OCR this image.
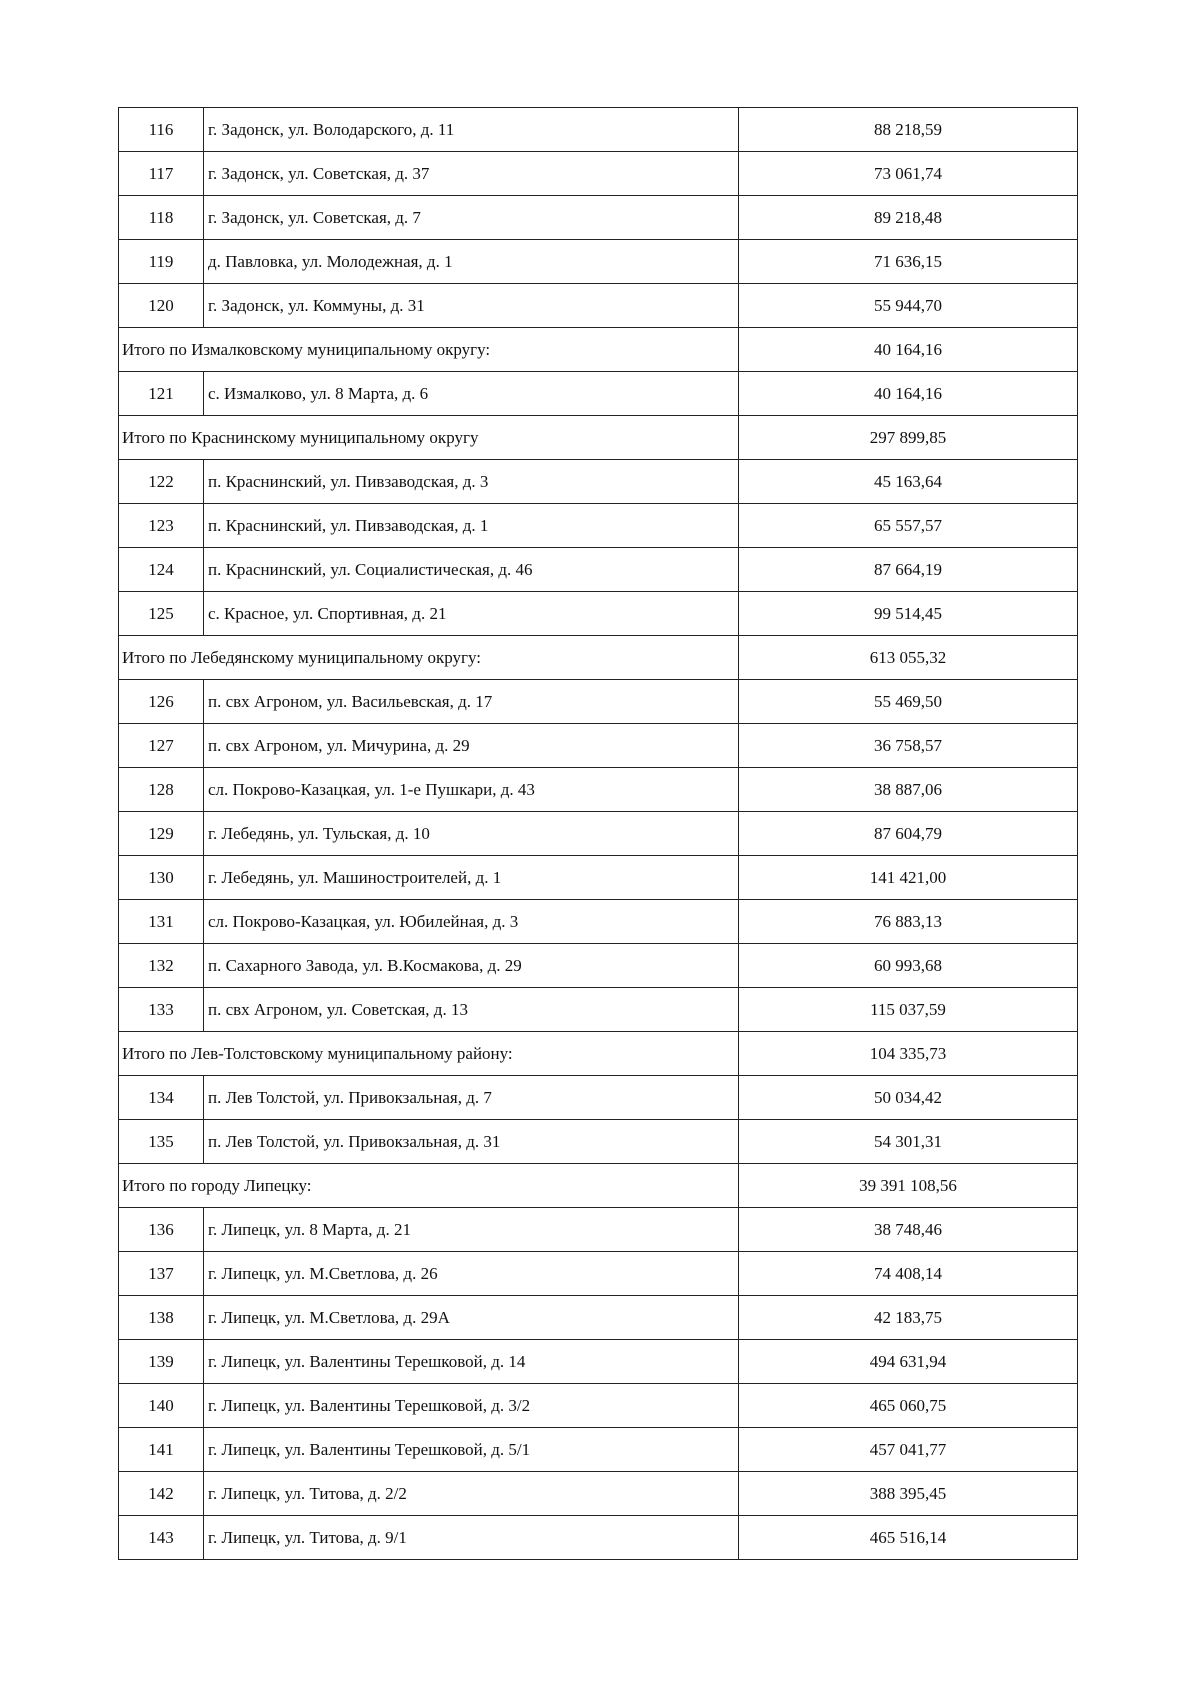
116	г. Задонск, ул. Володарского, д. 11	88 218,59
117	г. Задонск, ул. Советская, д. 37	73 061,74
118	г. Задонск, ул. Советская, д. 7	89 218,48
119	д. Павловка, ул. Молодежная, д. 1	71 636,15
120	г. Задонск, ул. Коммуны, д. 31	55 944,70
Итого по Измалковскому муниципальному округу:		40 164,16
121	с. Измалково, ул. 8 Марта, д. 6	40 164,16
Итого по Краснинскому муниципальному округу		297 899,85
122	п. Краснинский, ул. Пивзаводская, д. 3	45 163,64
123	п. Краснинский, ул. Пивзаводская, д. 1	65 557,57
124	п. Краснинский, ул. Социалистическая, д. 46	87 664,19
125	с. Красное, ул. Спортивная, д. 21	99 514,45
Итого по Лебедянскому муниципальному округу:		613 055,32
126	п. свх Агроном, ул. Васильевская, д. 17	55 469,50
127	п. свх Агроном, ул. Мичурина, д. 29	36 758,57
128	сл. Покрово-Казацкая, ул. 1-е Пушкари, д. 43	38 887,06
129	г. Лебедянь, ул. Тульская, д. 10	87 604,79
130	г. Лебедянь, ул. Машиностроителей, д. 1	141 421,00
131	сл. Покрово-Казацкая, ул. Юбилейная, д. 3	76 883,13
132	п. Сахарного Завода, ул. В.Космакова, д. 29	60 993,68
133	п. свх Агроном, ул. Советская, д. 13	115 037,59
Итого по Лев-Толстовскому муниципальному району:		104 335,73
134	п. Лев Толстой, ул. Привокзальная, д. 7	50 034,42
135	п. Лев Толстой, ул. Привокзальная, д. 31	54 301,31
Итого по городу Липецку:		39 391 108,56
136	г. Липецк, ул. 8 Марта, д. 21	38 748,46
137	г. Липецк, ул. М.Светлова, д. 26	74 408,14
138	г. Липецк, ул. М.Светлова, д. 29А	42 183,75
139	г. Липецк, ул. Валентины Терешковой, д. 14	494 631,94
140	г. Липецк, ул. Валентины Терешковой, д. 3/2	465 060,75
141	г. Липецк, ул. Валентины Терешковой, д. 5/1	457 041,77
142	г. Липецк, ул. Титова, д. 2/2	388 395,45
143	г. Липецк, ул. Титова, д. 9/1	465 516,14
